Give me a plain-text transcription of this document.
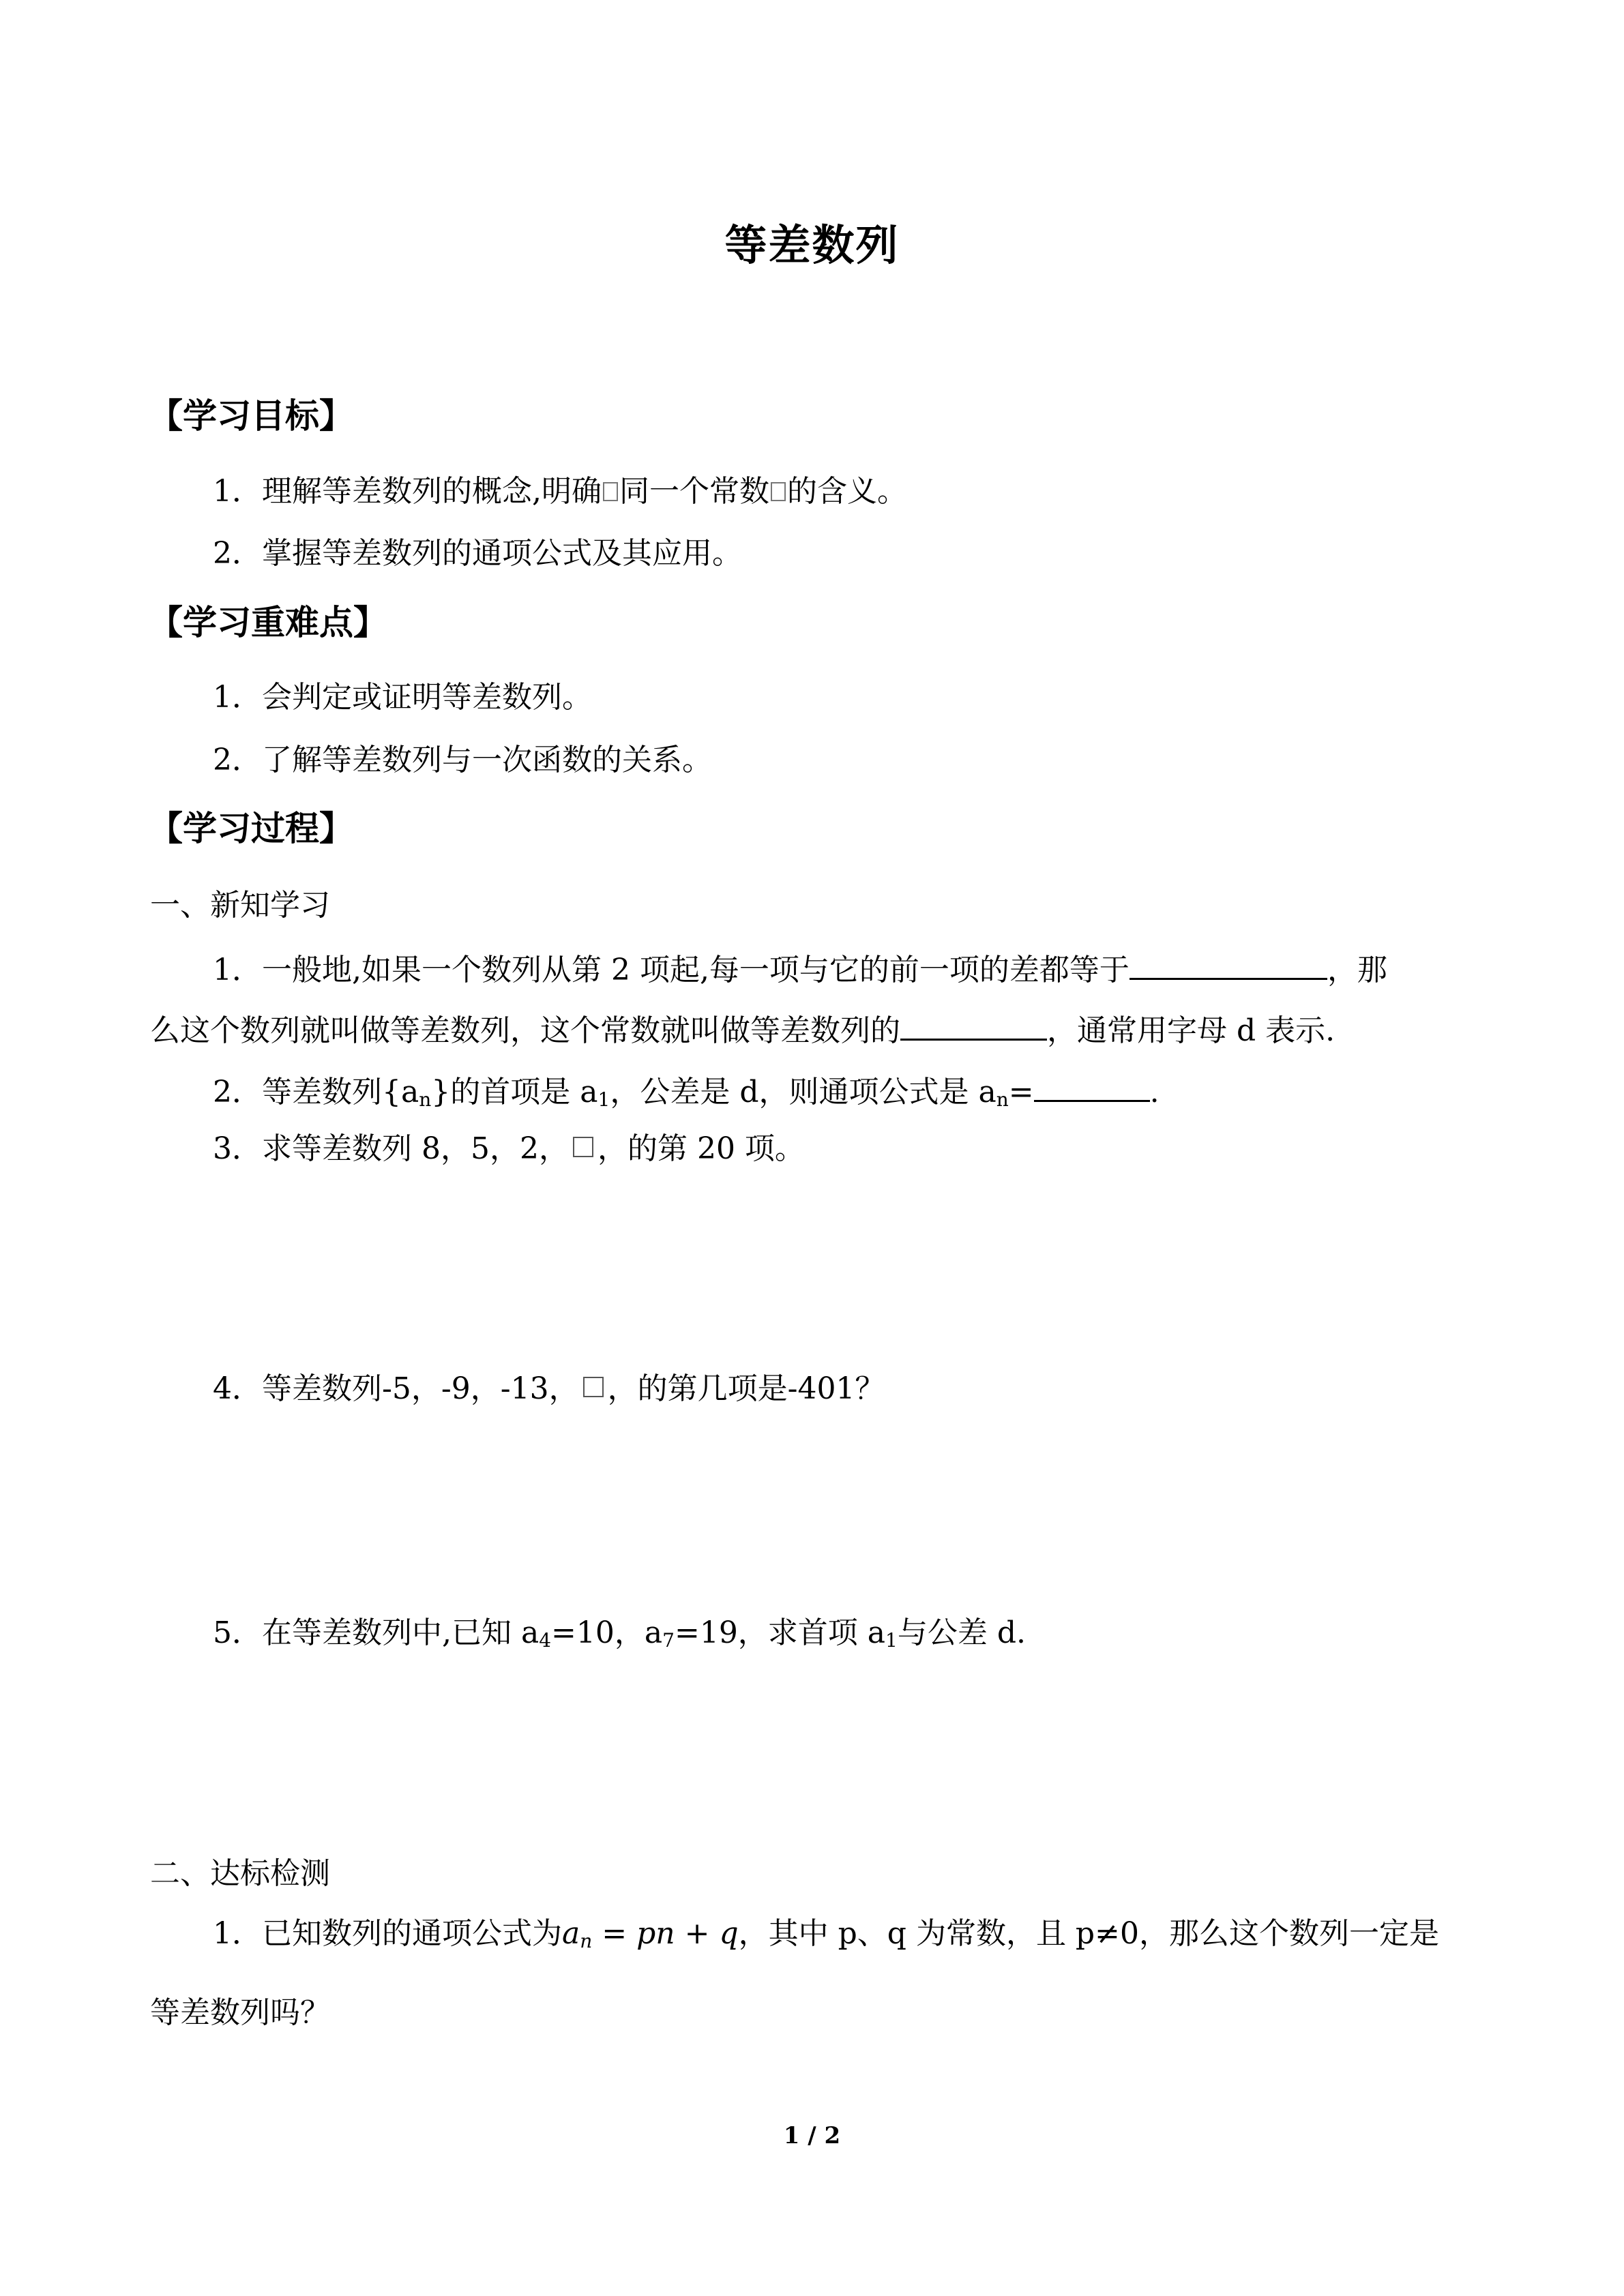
等差数列
【学习目标】
1．理解等差数列的概念,明确 同一个常数 的含义。
2．掌握等差数列的通项公式及其应用。
【学习重难点】
1．会判定或证明等差数列。
2．了解等差数列与一次函数的关系。
【学习过程】
一、新知学习
1．一般地,如果一个数列从第 2 项起,每一项与它的前一项的差都等于	，那
么这个数列就叫做等差数列，这个常数就叫做等差数列的	，通常用字母 d 表示.
2．等差数列$\{a_n\}$的首项是 $a_1$，公差是 d，则通项公式是 $a_n=$	.
3．求等差数列 8，5，2， ，的第 20 项。
4．等差数列-5，-9，-13， ，的第几项是-401？
5．在等差数列中,已知 $a_4=10$，$a_7=19$，求首项 $a_1$与公差 d.
二、达标检测
1．已知数列的通项公式为$a_n$ = pn + q，其中 p、q 为常数，且 p≠0，那么这个数列一定是
等差数列吗？
1 / 2
